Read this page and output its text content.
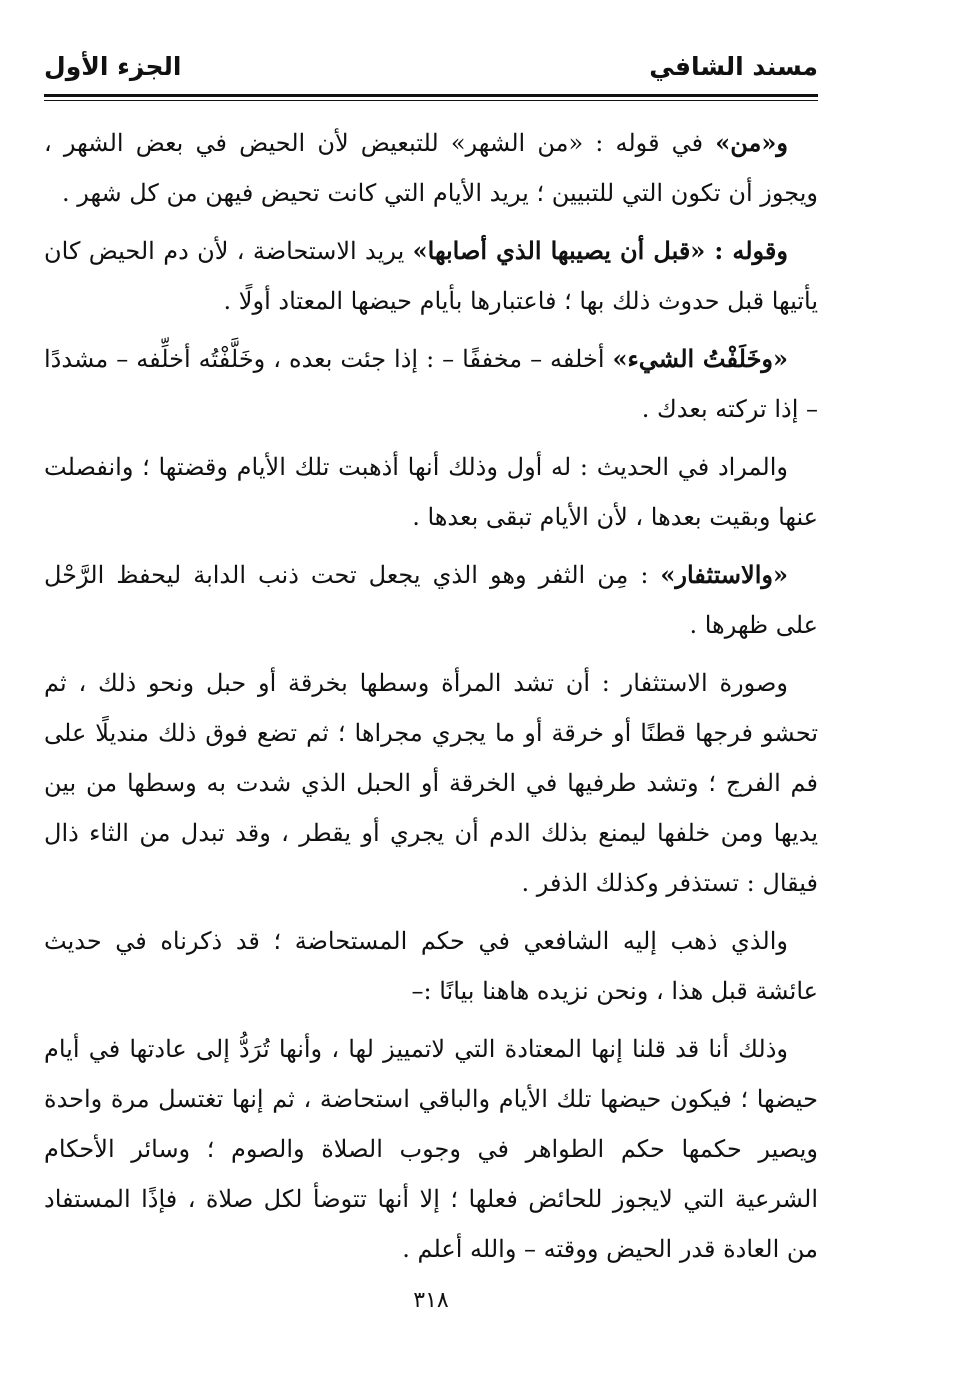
مسند الشافي
الجزء الأول

و«من» في قوله : «من الشهر» للتبعيض لأن الحيض في بعض الشهر ، ويجوز أن تكون التي للتبيين ؛ يريد الأيام التي كانت تحيض فيهن من كل شهر .

وقوله : «قبل أن يصيبها الذي أصابها» يريد الاستحاضة ، لأن دم الحيض كان يأتيها قبل حدوث ذلك بها ؛ فاعتبارها بأيام حيضها المعتاد أولًا .

«وخَلَفْتُ الشيء» أخلفه – مخففًا – : إذا جئت بعده ، وخَلَّفْتُه أخلِّفه – مشددًا – إذا تركته بعدك .

والمراد في الحديث : له أول وذلك أنها أذهبت تلك الأيام وقضتها ؛ وانفصلت عنها وبقيت بعدها ، لأن الأيام تبقى بعدها .

«والاستثفار» : مِن الثفر وهو الذي يجعل تحت ذنب الدابة ليحفظ الرَّحْل على ظهرها .

وصورة الاستثفار : أن تشد المرأة وسطها بخرقة أو حبل ونحو ذلك ، ثم تحشو فرجها قطنًا أو خرقة أو ما يجري مجراها ؛ ثم تضع فوق ذلك منديلًا على فم الفرج ؛ وتشد طرفيها في الخرقة أو الحبل الذي شدت به وسطها من بين يديها ومن خلفها ليمنع بذلك الدم أن يجري أو يقطر ، وقد تبدل من الثاء ذال فيقال : تستذفر وكذلك الذفر .

والذي ذهب إليه الشافعي في حكم المستحاضة ؛ قد ذكرناه في حديث عائشة قبل هذا ، ونحن نزيده هاهنا بيانًا :–

وذلك أنا قد قلنا إنها المعتادة التي لاتمييز لها ، وأنها تُرَدُّ إلى عادتها في أيام حيضها ؛ فيكون حيضها تلك الأيام والباقي استحاضة ، ثم إنها تغتسل مرة واحدة ويصير حكمها حكم الطواهر في وجوب الصلاة والصوم ؛ وسائر الأحكام الشرعية التي لايجوز للحائض فعلها ؛ إلا أنها تتوضأ لكل صلاة ، فإذًا المستفاد من العادة قدر الحيض ووقته – والله أعلم .

٣١٨
